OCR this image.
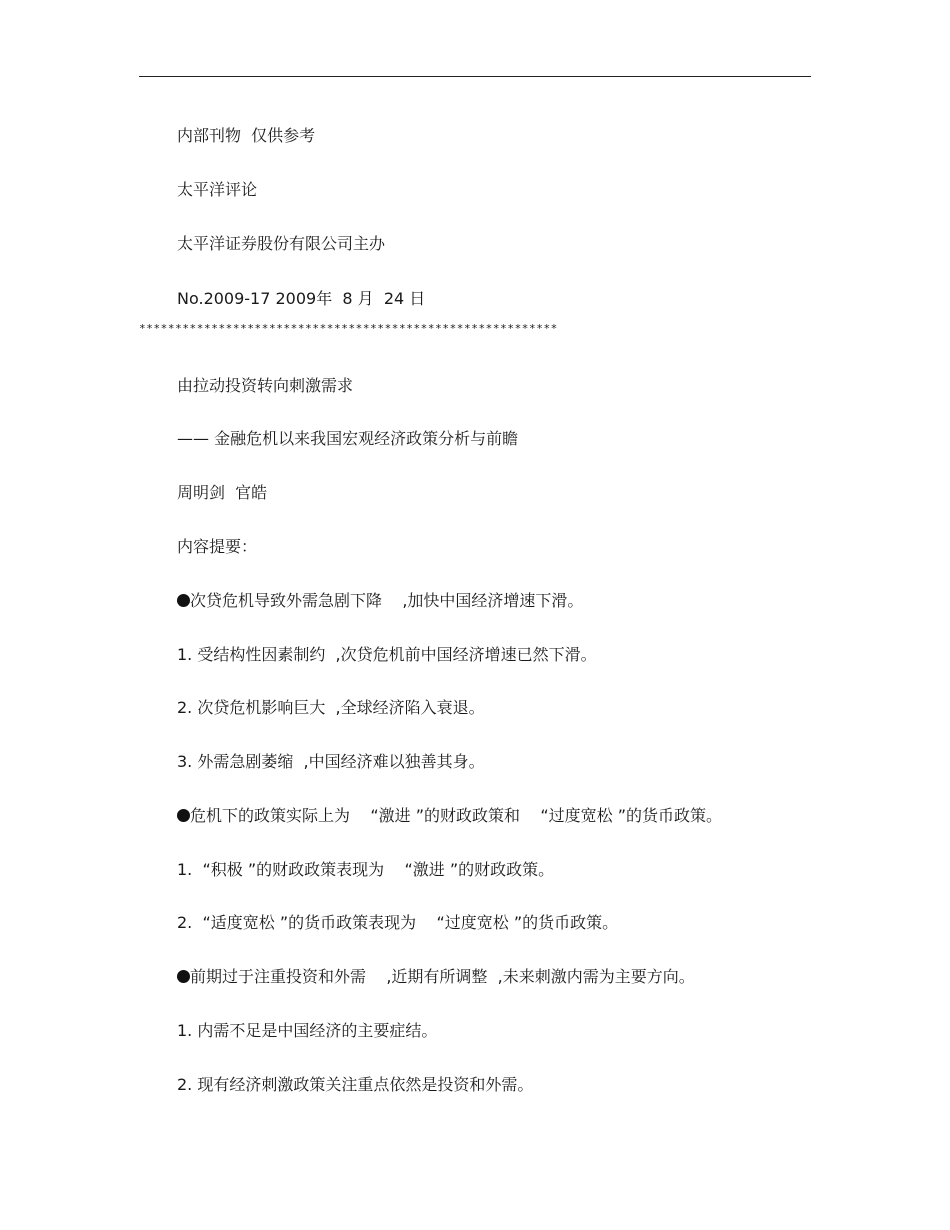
内部刊物  仅供参考
太平洋评论
太平洋证券股份有限公司主办
No.2009-17 2009年  8 月  24 日
**********************************************************
由拉动投资转向刺激需求
—— 金融危机以来我国宏观经济政策分析与前瞻
周明剑  官皓
内容提要：
次贷危机导致外需急剧下降    ,加快中国经济增速下滑。
1. 受结构性因素制约  ,次贷危机前中国经济增速已然下滑。
2. 次贷危机影响巨大  ,全球经济陷入衰退。
3. 外需急剧萎缩  ,中国经济难以独善其身。
危机下的政策实际上为    “激进 ”的财政政策和    “过度宽松 ”的货币政策。
1.  “积极 ”的财政政策表现为    “激进 ”的财政政策。
2.  “适度宽松 ”的货币政策表现为    “过度宽松 ”的货币政策。
前期过于注重投资和外需    ,近期有所调整  ,未来刺激内需为主要方向。
1. 内需不足是中国经济的主要症结。
2. 现有经济刺激政策关注重点依然是投资和外需。
